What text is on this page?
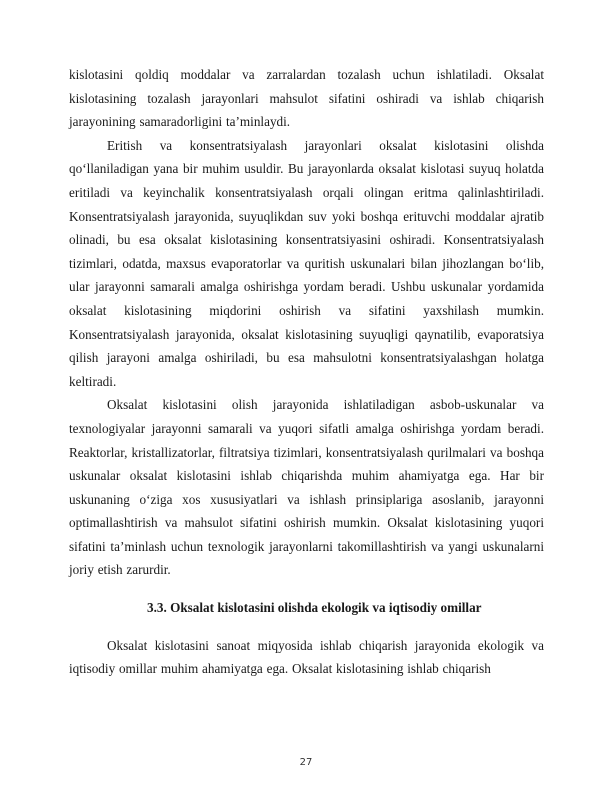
kislotasini qoldiq moddalar va zarralardan tozalash uchun ishlatiladi. Oksalat kislotasining tozalash jarayonlari mahsulot sifatini oshiradi va ishlab chiqarish jarayonining samaradorligini ta’minlaydi.

Eritish va konsentratsiyalash jarayonlari oksalat kislotasini olishda qo‘llaniladigan yana bir muhim usuldir. Bu jarayonlarda oksalat kislotasi suyuq holatda eritiladi va keyinchalik konsentratsiyalash orqali olingan eritma qalinlashtiriladi. Konsentratsiyalash jarayonida, suyuqlikdan suv yoki boshqa erituvchi moddalar ajratib olinadi, bu esa oksalat kislotasining konsentratsiyasini oshiradi. Konsentratsiyalash tizimlari, odatda, maxsus evaporatorlar va quritish uskunalari bilan jihozlangan bo‘lib, ular jarayonni samarali amalga oshirishga yordam beradi. Ushbu uskunalar yordamida oksalat kislotasining miqdorini oshirish va sifatini yaxshilash mumkin. Konsentratsiyalash jarayonida, oksalat kislotasining suyuqligi qaynatilib, evaporatsiya qilish jarayoni amalga oshiriladi, bu esa mahsulotni konsentratsiyalashgan holatga keltiradi.

Oksalat kislotasini olish jarayonida ishlatiladigan asbob-uskunalar va texnologiyalar jarayonni samarali va yuqori sifatli amalga oshirishga yordam beradi. Reaktorlar, kristallizatorlar, filtratsiya tizimlari, konsentratsiyalash qurilmalari va boshqa uskunalar oksalat kislotasini ishlab chiqarishda muhim ahamiyatga ega. Har bir uskunaning o‘ziga xos xususiyatlari va ishlash prinsiplariga asoslanib, jarayonni optimallashtirish va mahsulot sifatini oshirish mumkin. Oksalat kislotasining yuqori sifatini ta’minlash uchun texnologik jarayonlarni takomillashtirish va yangi uskunalarni joriy etish zarurdir.

3.3. Oksalat kislotasini olishda ekologik va iqtisodiy omillar

Oksalat kislotasini sanoat miqyosida ishlab chiqarish jarayonida ekologik va iqtisodiy omillar muhim ahamiyatga ega. Oksalat kislotasining ishlab chiqarish

27
